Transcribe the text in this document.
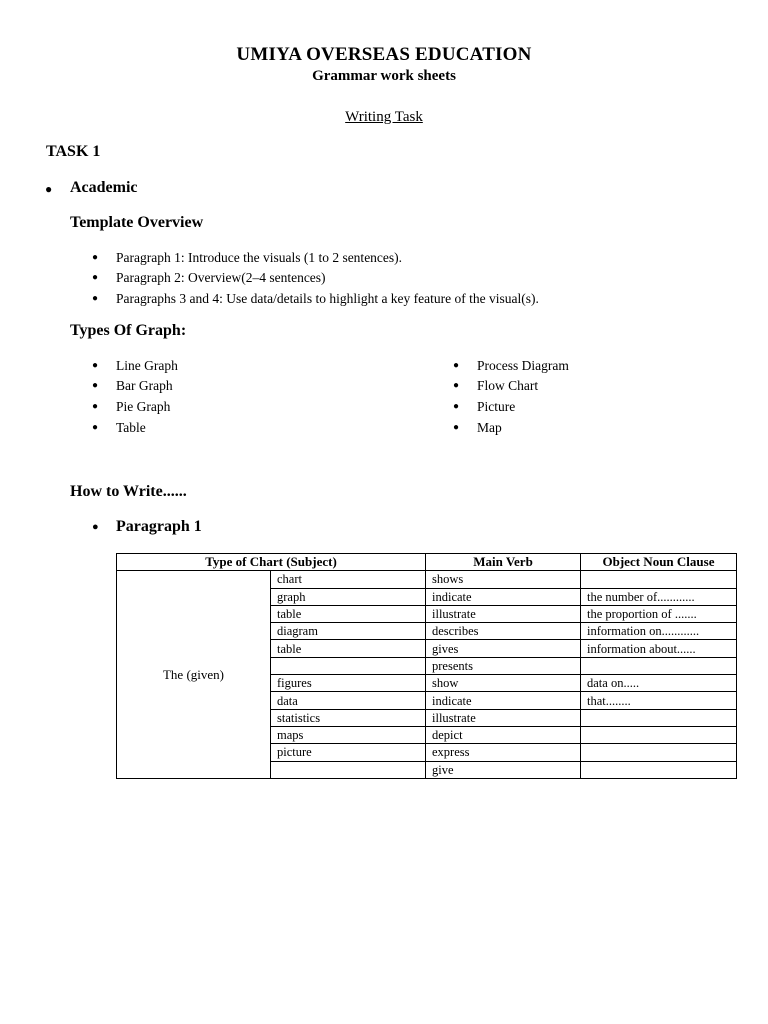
UMIYA OVERSEAS EDUCATION
Grammar work sheets
Writing Task
TASK 1
● Academic
Template Overview
● Paragraph 1: Introduce the visuals (1 to 2 sentences).
● Paragraph 2: Overview(2–4 sentences)
● Paragraphs 3 and 4: Use data/details to highlight a key feature of the visual(s).
Types Of Graph:
● Line Graph
● Bar Graph
● Pie Graph
● Table
● Process Diagram
● Flow Chart
● Picture
● Map
How to Write......
● Paragraph 1
Type of Chart (Subject)		Main Verb	Object Noun Clause
The (given)	chart	shows	
	graph	indicate	the number of............
	table	illustrate	the proportion of .......
	diagram	describes	information on............
	table	gives	information about......
		presents	
	figures	show	data on.....
	data	indicate	that........
	statistics	illustrate	
	maps	depict	
	picture	express	
		give	
